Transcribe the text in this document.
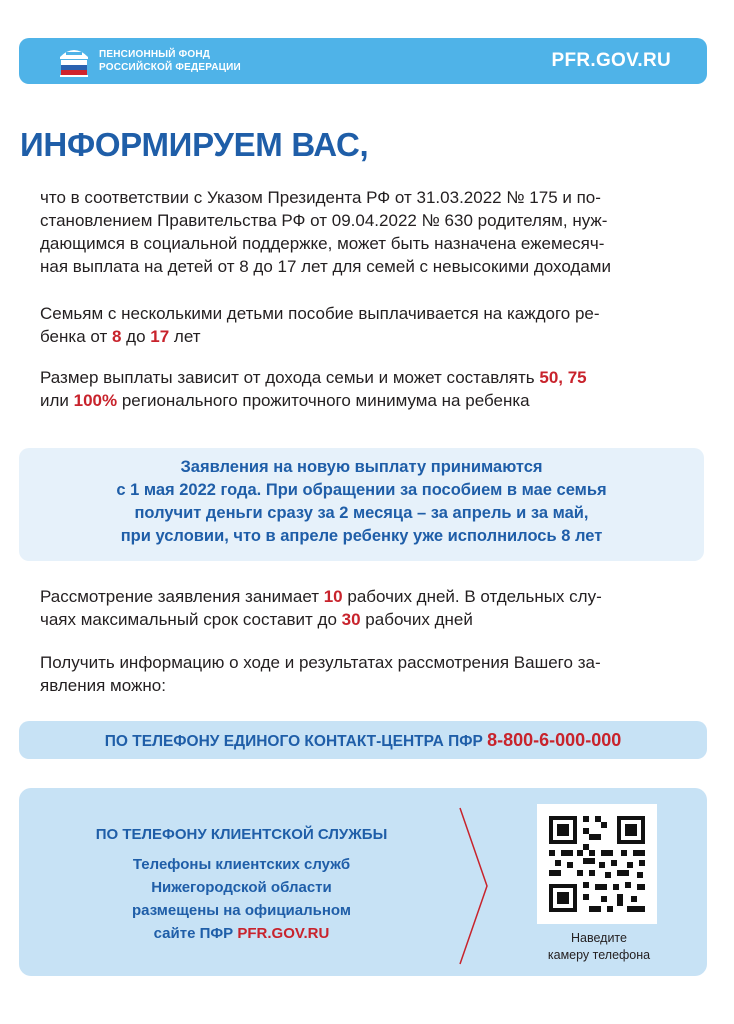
ПЕНСИОННЫЙ ФОНД
РОССИЙСКОЙ ФЕДЕРАЦИИ	PFR.GOV.RU
ИНФОРМИРУЕМ ВАС,
что в соответствии с Указом Президента РФ от 31.03.2022 № 175 и по-
становлением Правительства РФ от 09.04.2022 № 630 родителям, нуж-
дающимся в социальной поддержке, может быть назначена ежемесяч-
ная выплата на детей от 8 до 17 лет для семей с невысокими доходами
Семьям с несколькими детьми пособие выплачивается на каждого ре-
бенка от 8 до 17 лет
Размер выплаты зависит от дохода семьи и может составлять 50, 75
или 100% регионального прожиточного минимума на ребенка
Заявления на новую выплату принимаются
с 1 мая 2022 года. При обращении за пособием в мае семья
получит деньги сразу за 2 месяца – за апрель и за май,
при условии, что в апреле ребенку уже исполнилось 8 лет
Рассмотрение заявления занимает 10 рабочих дней. В отдельных слу-
чаях максимальный срок составит до 30 рабочих дней
Получить информацию о ходе и результатах рассмотрения Вашего за-
явления можно:
ПО ТЕЛЕФОНУ ЕДИНОГО КОНТАКТ-ЦЕНТРА ПФР 8-800-6-000-000
ПО ТЕЛЕФОНУ КЛИЕНТСКОЙ СЛУЖБЫ
Телефоны клиентских служб
Нижегородской области
размещены на официальном
сайте ПФР PFR.GOV.RU	Наведите
камеру телефона
